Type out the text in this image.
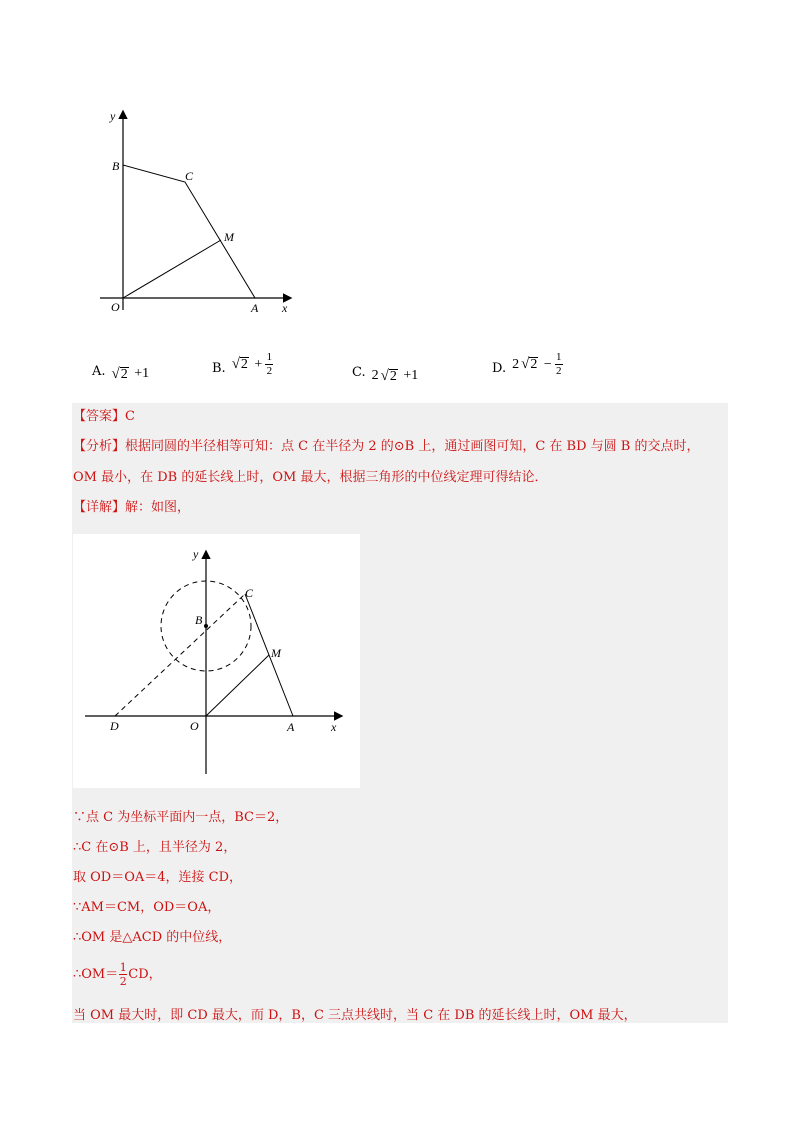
y
B
C
M
O	A x
A. √ 2 +1	B. √ $2 + \frac{1}{2}$	C. 2 √ 2 +1	D. 2 √ $2 - \frac{1}{2}$
【答案】C
【分析】根据同圆的半径相等可知：点 C 在半径为 2 的⊙B 上，通过画图可知，C 在 BD 与圆 B 的交点时，
OM 最小，在 DB 的延长线上时，OM 最大，根据三角形的中位线定理可得结论．
【详解】解：如图，
y
C
B
M
D	O	A	x
∵点 C 为坐标平面内一点，BC＝2，
∴C 在⊙B 上，且半径为 2，
取 OD＝OA＝4，连接 CD，
∵AM＝CM，OD＝OA，
∴OM 是△ACD 的中位线，
∴OM＝ $\frac{1}{2}$ CD，
当 OM 最大时，即 CD 最大，而 D，B，C 三点共线时，当 C 在 DB 的延长线上时，OM 最大，
